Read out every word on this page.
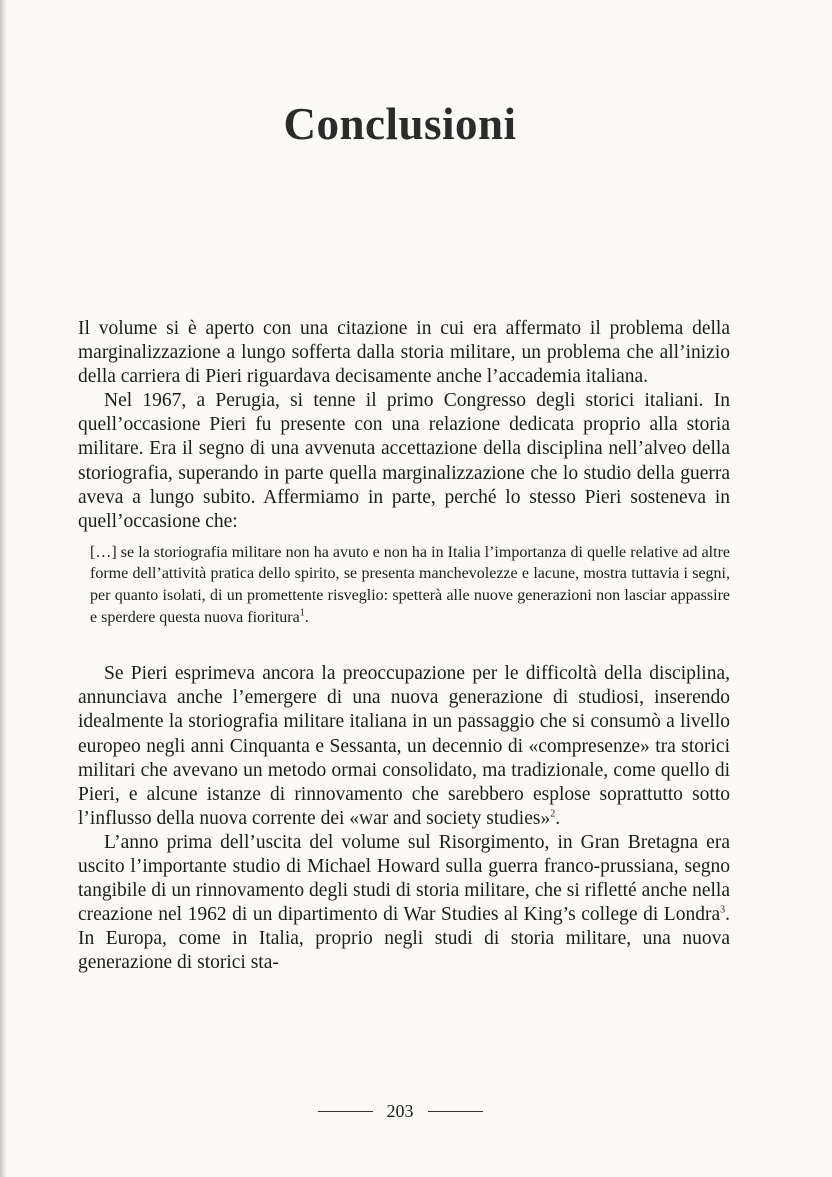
Conclusioni

Il volume si è aperto con una citazione in cui era affermato il problema della marginalizzazione a lungo sofferta dalla storia militare, un problema che all’inizio della carriera di Pieri riguardava decisamente anche l’accademia italiana.

Nel 1967, a Perugia, si tenne il primo Congresso degli storici italiani. In quell’occasione Pieri fu presente con una relazione dedicata proprio alla storia militare. Era il segno di una avvenuta accettazione della disciplina nell’alveo della storiografia, superando in parte quella marginalizzazione che lo studio della guerra aveva a lungo subito. Affermiamo in parte, perché lo stesso Pieri sosteneva in quell’occasione che:

[…] se la storiografia militare non ha avuto e non ha in Italia l’importanza di quelle relative ad altre forme dell’attività pratica dello spirito, se presenta manchevolezze e lacune, mostra tuttavia i segni, per quanto isolati, di un promettente risveglio: spetterà alle nuove generazioni non lasciar appassire e sperdere questa nuova fioritura$^1$.

Se Pieri esprimeva ancora la preoccupazione per le difficoltà della disciplina, annunciava anche l’emergere di una nuova generazione di studiosi, inserendo idealmente la storiografia militare italiana in un passaggio che si consumò a livello europeo negli anni Cinquanta e Sessanta, un decennio di «compresenze» tra storici militari che avevano un metodo ormai consolidato, ma tradizionale, come quello di Pieri, e alcune istanze di rinnovamento che sarebbero esplose soprattutto sotto l’influsso della nuova corrente dei «war and society studies»$^2$.

L’anno prima dell’uscita del volume sul Risorgimento, in Gran Bretagna era uscito l’importante studio di Michael Howard sulla guerra franco-prussiana, segno tangibile di un rinnovamento degli studi di storia militare, che si rifletté anche nella creazione nel 1962 di un dipartimento di War Studies al King’s college di Londra$^3$. In Europa, come in Italia, proprio negli studi di storia militare, una nuova generazione di storici sta-

203
